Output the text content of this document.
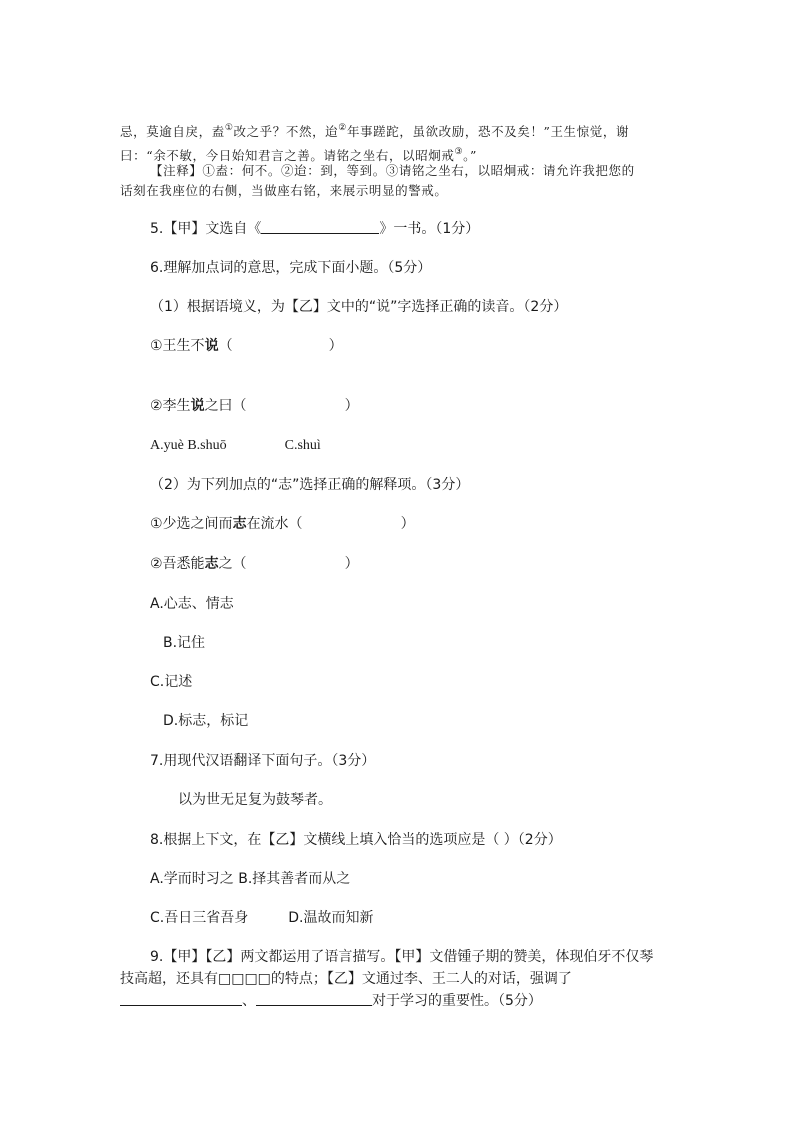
忌，莫逾自戾，盍①改之乎？不然，迨②年事蹉跎，虽欲改励，恐不及矣！”王生惊觉，谢
曰：“余不敏，今日始知君言之善。请铭之坐右，以昭炯戒③。”
【注释】①盍：何不。②迨：到，等到。③请铭之坐右，以昭炯戒：请允许我把您的
话刻在我座位的右侧，当做座右铭，来展示明显的警戒。
5.【甲】文选自《	》一书。（1分）
6.理解加点词的意思，完成下面小题。（5分）
（1）根据语境义，为【乙】文中的“说”字选择正确的读音。（2分）
①王生不说（	）
②李生说之曰（	）
A.yuè B.shuō	C.shuì
（2）为下列加点的“志”选择正确的解释项。（3分）
①少选之间而志在流水（	）
②吾悉能志之（	）
A.心志、情志
B.记住
C.记述
D.标志，标记
7.用现代汉语翻译下面句子。（3分）
以为世无足复为鼓琴者。
8.根据上下文，在【乙】文横线上填入恰当的选项应是（ ）（2分）
A.学而时习之 B.择其善者而从之
C.吾日三省吾身	D.温故而知新
9.【甲】【乙】两文都运用了语言描写。【甲】文借锺子期的赞美，体现伯牙不仅琴
技高超，还具有□□□□的特点；【乙】文通过李、王二人的对话，强调了
、	对于学习的重要性。（5分）
